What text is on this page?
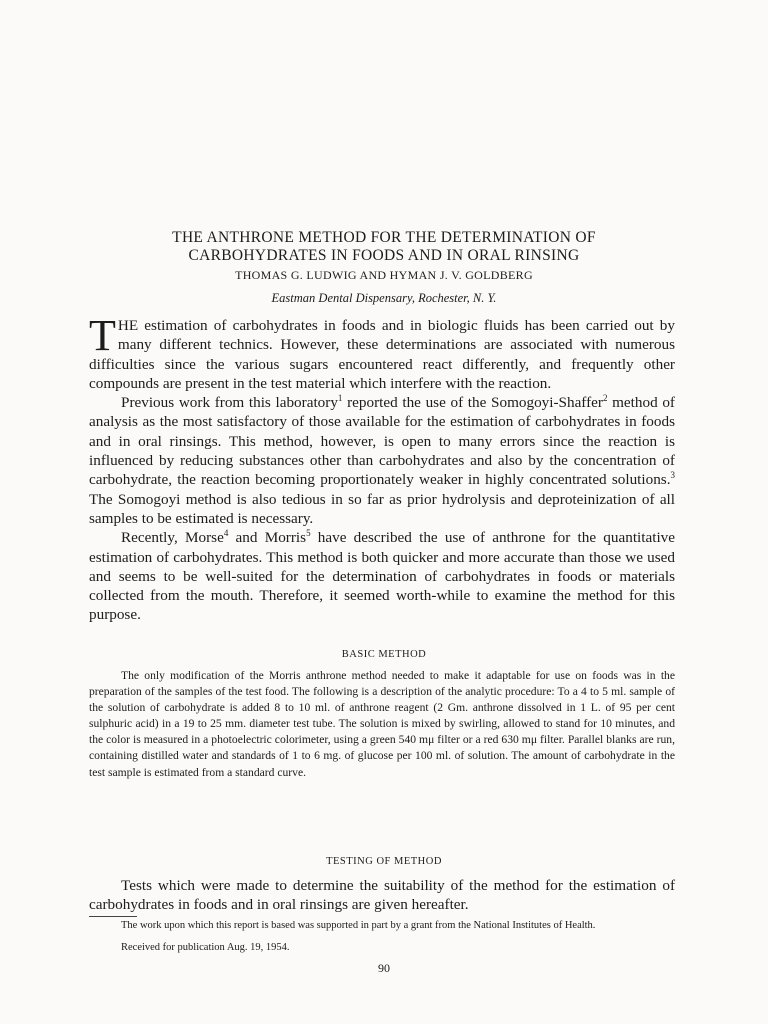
THE ANTHRONE METHOD FOR THE DETERMINATION OF
CARBOHYDRATES IN FOODS AND IN ORAL RINSING
THOMAS G. LUDWIG AND HYMAN J. V. GOLDBERG
Eastman Dental Dispensary, Rochester, N. Y.

THE estimation of carbohydrates in foods and in biologic fluids has been carried out by many different technics. However, these determinations are associated with numerous difficulties since the various sugars encountered react differently, and frequently other compounds are present in the test material which interfere with the reaction.

Previous work from this laboratory$^1$ reported the use of the Somogoyi-Shaffer$^2$ method of analysis as the most satisfactory of those available for the estimation of carbohydrates in foods and in oral rinsings. This method, however, is open to many errors since the reaction is influenced by reducing substances other than carbohydrates and also by the concentration of carbohydrate, the reaction becoming proportionately weaker in highly concentrated solutions.$^3$ The Somogoyi method is also tedious in so far as prior hydrolysis and deproteinization of all samples to be estimated is necessary.

Recently, Morse$^4$ and Morris$^5$ have described the use of anthrone for the quantitative estimation of carbohydrates. This method is both quicker and more accurate than those we used and seems to be well-suited for the determination of carbohydrates in foods or materials collected from the mouth. Therefore, it seemed worth-while to examine the method for this purpose.

BASIC METHOD

The only modification of the Morris anthrone method needed to make it adaptable for use on foods was in the preparation of the samples of the test food. The following is a description of the analytic procedure: To a 4 to 5 ml. sample of the solution of carbohydrate is added 8 to 10 ml. of anthrone reagent (2 Gm. anthrone dissolved in 1 L. of 95 per cent sulphuric acid) in a 19 to 25 mm. diameter test tube. The solution is mixed by swirling, allowed to stand for 10 minutes, and the color is measured in a photoelectric colorimeter, using a green 540 mμ filter or a red 630 mμ filter. Parallel blanks are run, containing distilled water and standards of 1 to 6 mg. of glucose per 100 ml. of solution. The amount of carbohydrate in the test sample is estimated from a standard curve.

TESTING OF METHOD

Tests which were made to determine the suitability of the method for the estimation of carbohydrates in foods and in oral rinsings are given hereafter.

The work upon which this report is based was supported in part by a grant from the National Institutes of Health.

Received for publication Aug. 19, 1954.
90
